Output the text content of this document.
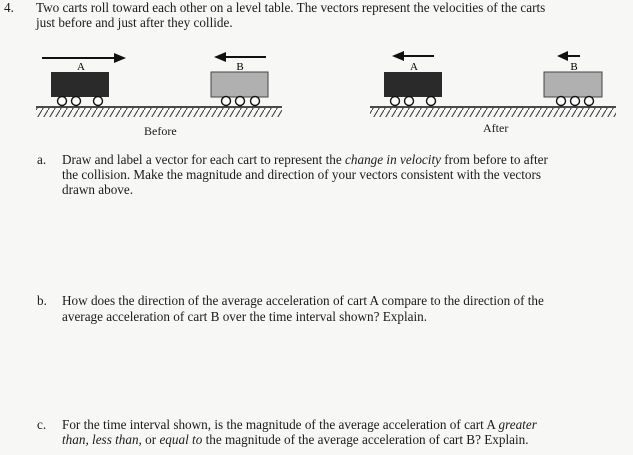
4. Two carts roll toward each other on a level table. The vectors represent the velocities of the carts
just before and just after they collide.
A	B	A	B
Before	After
a. Draw and label a vector for each cart to represent the change in velocity from before to after
the collision. Make the magnitude and direction of your vectors consistent with the vectors
drawn above.
b. How does the direction of the average acceleration of cart A compare to the direction of the
average acceleration of cart B over the time interval shown? Explain.
c. For the time interval shown, is the magnitude of the average acceleration of cart A greater
than, less than, or equal to the magnitude of the average acceleration of cart B? Explain.
